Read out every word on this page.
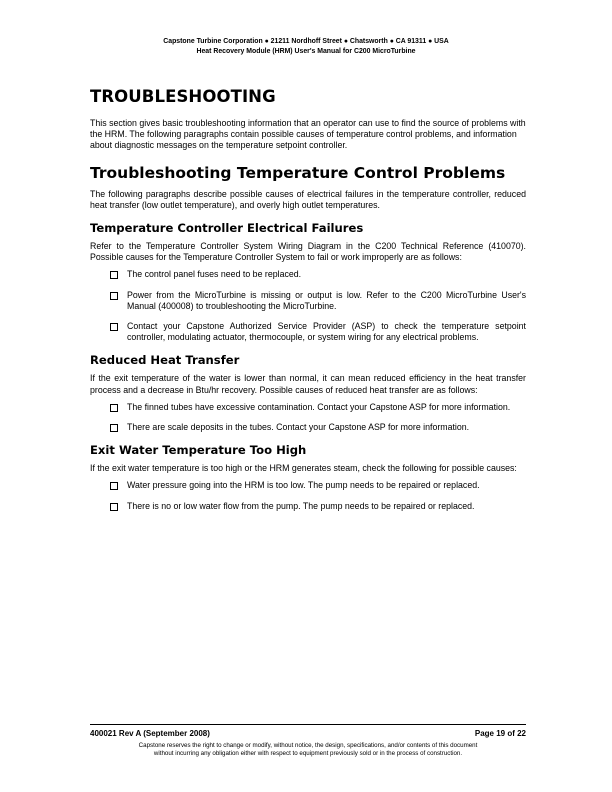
Capstone Turbine Corporation ● 21211 Nordhoff Street ● Chatsworth ● CA 91311 ● USA
Heat Recovery Module (HRM) User's Manual for C200 MicroTurbine
TROUBLESHOOTING

This section gives basic troubleshooting information that an operator can use to find the source of problems with the HRM. The following paragraphs contain possible causes of temperature control problems, and information about diagnostic messages on the temperature setpoint controller.

Troubleshooting Temperature Control Problems

The following paragraphs describe possible causes of electrical failures in the temperature controller, reduced heat transfer (low outlet temperature), and overly high outlet temperatures.

Temperature Controller Electrical Failures

Refer to the Temperature Controller System Wiring Diagram in the C200 Technical Reference (410070). Possible causes for the Temperature Controller System to fail or work improperly are as follows:

The control panel fuses need to be replaced.
Power from the MicroTurbine is missing or output is low. Refer to the C200 MicroTurbine User's Manual (400008) to troubleshooting the MicroTurbine.
Contact your Capstone Authorized Service Provider (ASP) to check the temperature setpoint controller, modulating actuator, thermocouple, or system wiring for any electrical problems.
Reduced Heat Transfer

If the exit temperature of the water is lower than normal, it can mean reduced efficiency in the heat transfer process and a decrease in Btu/hr recovery. Possible causes of reduced heat transfer are as follows:

The finned tubes have excessive contamination. Contact your Capstone ASP for more information.
There are scale deposits in the tubes. Contact your Capstone ASP for more information.
Exit Water Temperature Too High

If the exit water temperature is too high or the HRM generates steam, check the following for possible causes:

Water pressure going into the HRM is too low. The pump needs to be repaired or replaced.
There is no or low water flow from the pump. The pump needs to be repaired or replaced.
400021 Rev A (September 2008)	Page 19 of 22
Capstone reserves the right to change or modify, without notice, the design, specifications, and/or contents of this document
without incurring any obligation either with respect to equipment previously sold or in the process of construction.
